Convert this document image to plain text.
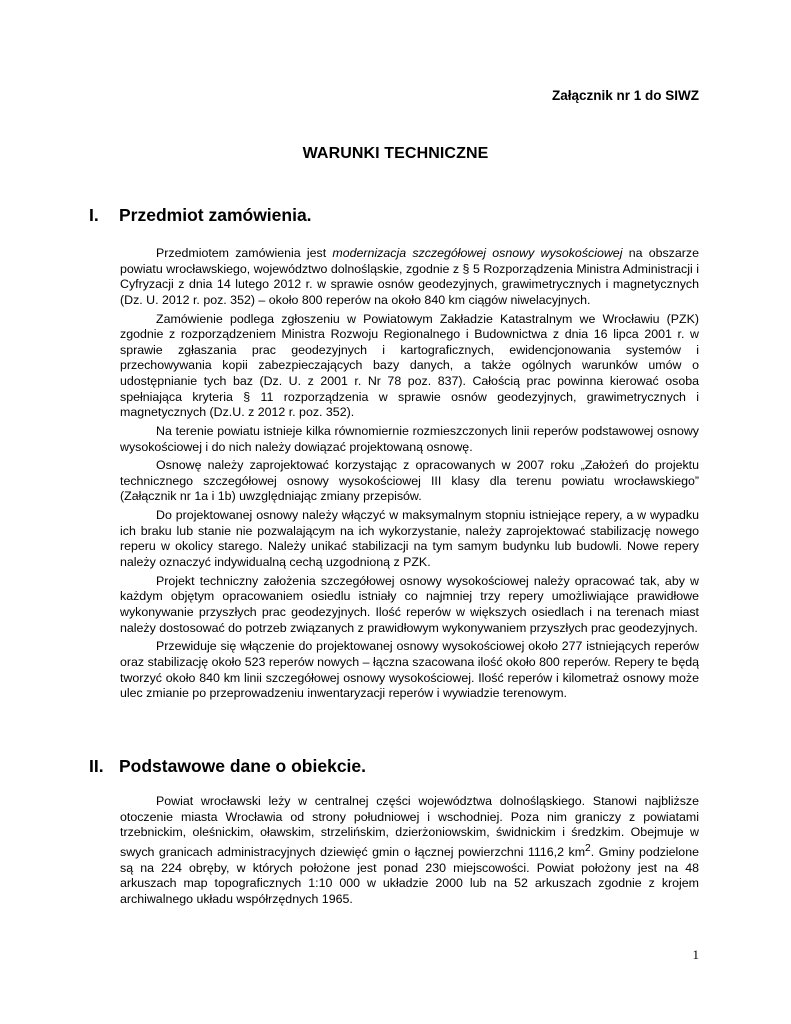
Załącznik nr 1 do SIWZ
WARUNKI TECHNICZNE
I. Przedmiot zamówienia.

Przedmiotem zamówienia jest modernizacja szczegółowej osnowy wysokościowej na obszarze powiatu wrocławskiego, województwo dolnośląskie, zgodnie z § 5 Rozporządzenia Ministra Administracji i Cyfryzacji z dnia 14 lutego 2012 r. w sprawie osnów geodezyjnych, grawimetrycznych i magnetycznych (Dz. U. 2012 r. poz. 352) – około 800 reperów na około 840 km ciągów niwelacyjnych.

Zamówienie podlega zgłoszeniu w Powiatowym Zakładzie Katastralnym we Wrocławiu (PZK) zgodnie z rozporządzeniem Ministra Rozwoju Regionalnego i Budownictwa z dnia 16 lipca 2001 r. w sprawie zgłaszania prac geodezyjnych i kartograficznych, ewidencjonowania systemów i przechowywania kopii zabezpieczających bazy danych, a także ogólnych warunków umów o udostępnianie tych baz (Dz. U. z 2001 r. Nr 78 poz. 837). Całością prac powinna kierować osoba spełniająca kryteria § 11 rozporządzenia w sprawie osnów geodezyjnych, grawimetrycznych i magnetycznych (Dz.U. z 2012 r. poz. 352).

Na terenie powiatu istnieje kilka równomiernie rozmieszczonych linii reperów podstawowej osnowy wysokościowej i do nich należy dowiązać projektowaną osnowę.

Osnowę należy zaprojektować korzystając z opracowanych w 2007 roku „Założeń do projektu technicznego szczegółowej osnowy wysokościowej III klasy dla terenu powiatu wrocławskiego” (Załącznik nr 1a i 1b) uwzględniając zmiany przepisów.

Do projektowanej osnowy należy włączyć w maksymalnym stopniu istniejące repery, a w wypadku ich braku lub stanie nie pozwalającym na ich wykorzystanie, należy zaprojektować stabilizację nowego reperu w okolicy starego. Należy unikać stabilizacji na tym samym budynku lub budowli. Nowe repery należy oznaczyć indywidualną cechą uzgodnioną z PZK.

Projekt techniczny założenia szczegółowej osnowy wysokościowej należy opracować tak, aby w każdym objętym opracowaniem osiedlu istniały co najmniej trzy repery umożliwiające prawidłowe wykonywanie przyszłych prac geodezyjnych. Ilość reperów w większych osiedlach i na terenach miast należy dostosować do potrzeb związanych z prawidłowym wykonywaniem przyszłych prac geodezyjnych.

Przewiduje się włączenie do projektowanej osnowy wysokościowej około 277 istniejących reperów oraz stabilizację około 523 reperów nowych – łączna szacowana ilość około 800 reperów. Repery te będą tworzyć około 840 km linii szczegółowej osnowy wysokościowej. Ilość reperów i kilometraż osnowy może ulec zmianie po przeprowadzeniu inwentaryzacji reperów i wywiadzie terenowym.

II. Podstawowe dane o obiekcie.

Powiat wrocławski leży w centralnej części województwa dolnośląskiego. Stanowi najbliższe otoczenie miasta Wrocławia od strony południowej i wschodniej. Poza nim graniczy z powiatami trzebnickim, oleśnickim, oławskim, strzelińskim, dzierżoniowskim, świdnickim i średzkim. Obejmuje w swych granicach administracyjnych dziewięć gmin o łącznej powierzchni 1116,2 $km^2$. Gminy podzielone są na 224 obręby, w których położone jest ponad 230 miejscowości. Powiat położony jest na 48 arkuszach map topograficznych 1:10 000 w układzie 2000 lub na 52 arkuszach zgodnie z krojem archiwalnego układu współrzędnych 1965.

1
